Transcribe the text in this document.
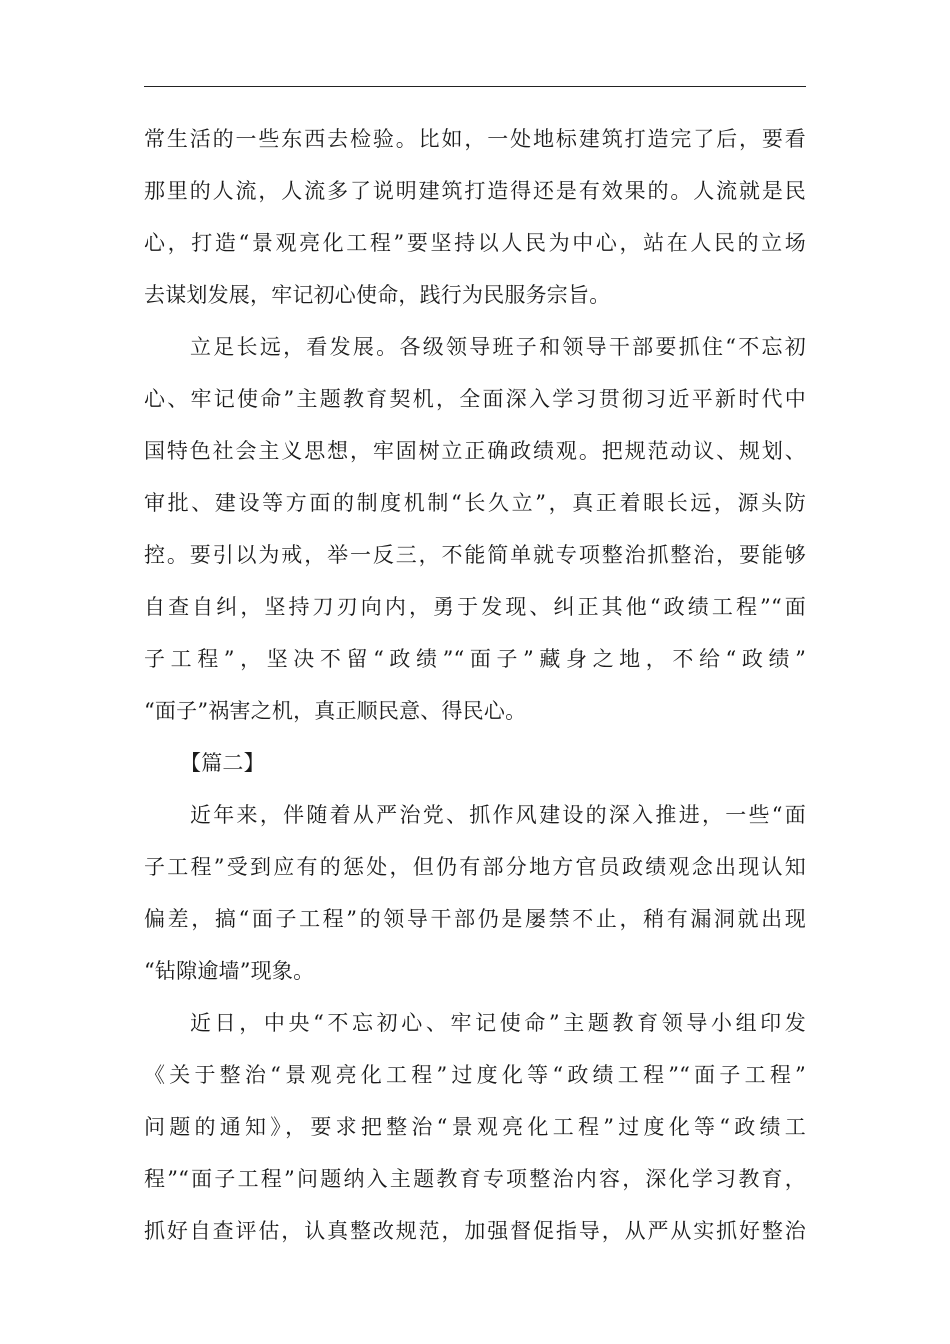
常生活的一些东西去检验。比如，一处地标建筑打造完了后，要看
那里的人流，人流多了说明建筑打造得还是有效果的。人流就是民
心，打造“景观亮化工程”要坚持以人民为中心，站在人民的立场
去谋划发展，牢记初心使命，践行为民服务宗旨。
立足长远，看发展。各级领导班子和领导干部要抓住“不忘初
心、牢记使命”主题教育契机，全面深入学习贯彻习近平新时代中
国特色社会主义思想，牢固树立正确政绩观。把规范动议、规划、
审批、建设等方面的制度机制“长久立”，真正着眼长远，源头防
控。要引以为戒，举一反三，不能简单就专项整治抓整治，要能够
自查自纠，坚持刀刃向内，勇于发现、纠正其他“政绩工程”“面
子工程”，坚决不留“政绩”“面子”藏身之地，不给“政绩”
“面子”祸害之机，真正顺民意、得民心。
【篇二】
近年来，伴随着从严治党、抓作风建设的深入推进，一些“面
子工程”受到应有的惩处，但仍有部分地方官员政绩观念出现认知
偏差，搞“面子工程”的领导干部仍是屡禁不止，稍有漏洞就出现
“钻隙逾墙”现象。
近日，中央“不忘初心、牢记使命”主题教育领导小组印发
《关于整治“景观亮化工程”过度化等“政绩工程”“面子工程”
问题的通知》，要求把整治“景观亮化工程”过度化等“政绩工
程”“面子工程”问题纳入主题教育专项整治内容，深化学习教育，
抓好自查评估，认真整改规范，加强督促指导，从严从实抓好整治
